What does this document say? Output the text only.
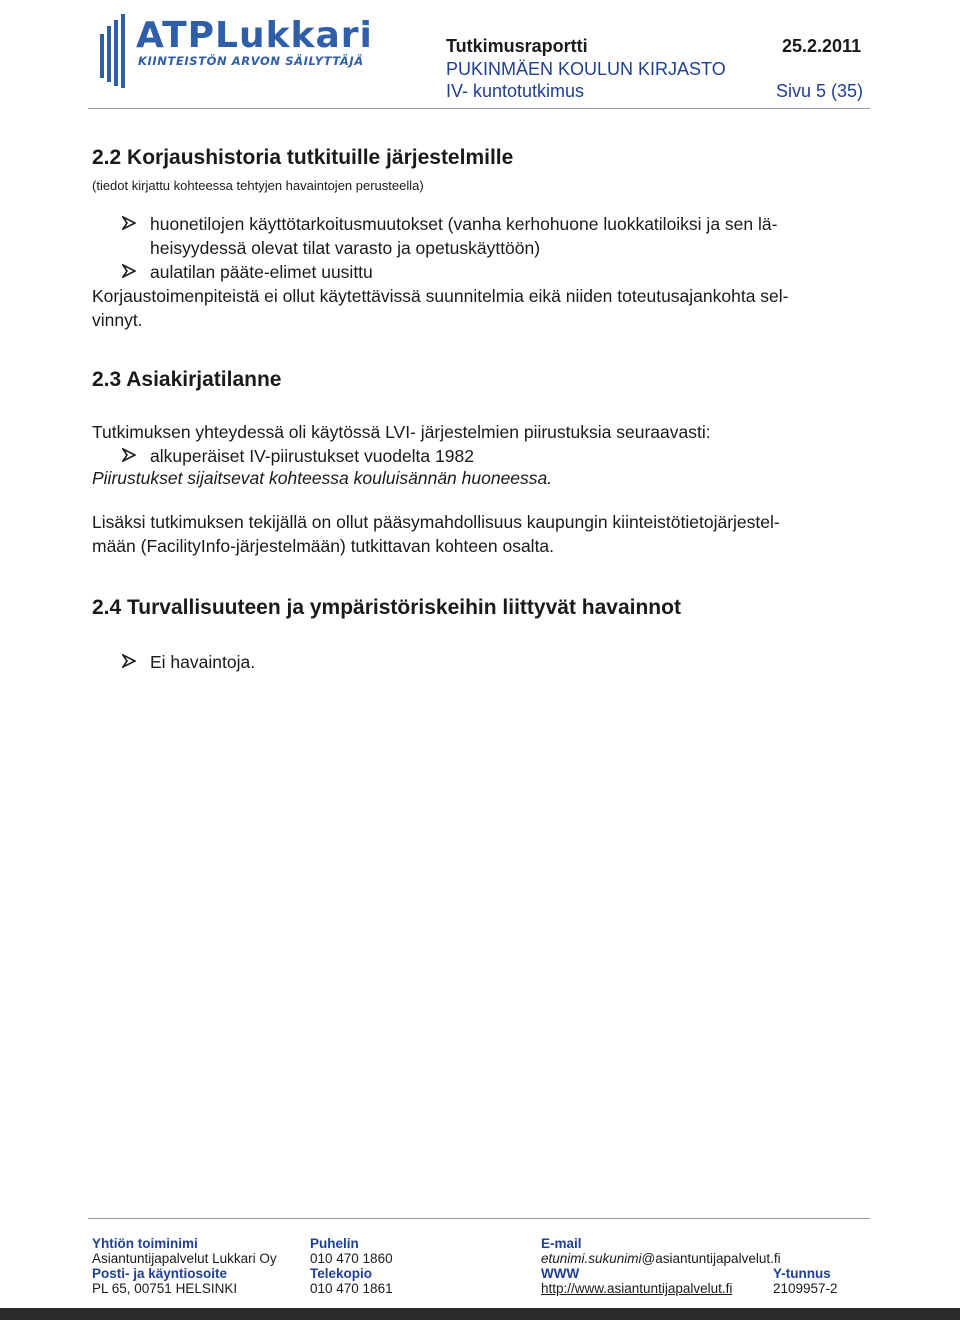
ATPLukkari
KIINTEISTÖN ARVON SÄILYTTÄJÄ
Tutkimusraportti	25.2.2011
PUKINMÄEN KOULUN KIRJASTO
IV- kuntotutkimus	Sivu 5 (35)
2.2 Korjaushistoria tutkituille järjestelmille
(tiedot kirjattu kohteessa tehtyjen havaintojen perusteella)
huonetilojen käyttötarkoitusmuutokset (vanha kerhohuone luokkatiloiksi ja sen lä-
heisyydessä olevat tilat varasto ja opetuskäyttöön)
aulatilan pääte-elimet uusittu
Korjaustoimenpiteistä ei ollut käytettävissä suunnitelmia eikä niiden toteutusajankohta sel-
vinnyt.
2.3 Asiakirjatilanne
Tutkimuksen yhteydessä oli käytössä LVI- järjestelmien piirustuksia seuraavasti:
alkuperäiset IV-piirustukset vuodelta 1982
Piirustukset sijaitsevat kohteessa kouluisännän huoneessa.
Lisäksi tutkimuksen tekijällä on ollut pääsymahdollisuus kaupungin kiinteistötietojärjestel-
mään (FacilityInfo-järjestelmään) tutkittavan kohteen osalta.
2.4 Turvallisuuteen ja ympäristöriskeihin liittyvät havainnot
Ei havaintoja.
Yhtiön toiminimi
Asiantuntijapalvelut Lukkari Oy
Posti- ja käyntiosoite
PL 65, 00751 HELSINKI
Puhelin
010 470 1860
Telekopio
010 470 1861
E-mail
etunimi.sukunimi@asiantuntijapalvelut.fi
WWW
http://www.asiantuntijapalvelut.fi
Y-tunnus
2109957-2
